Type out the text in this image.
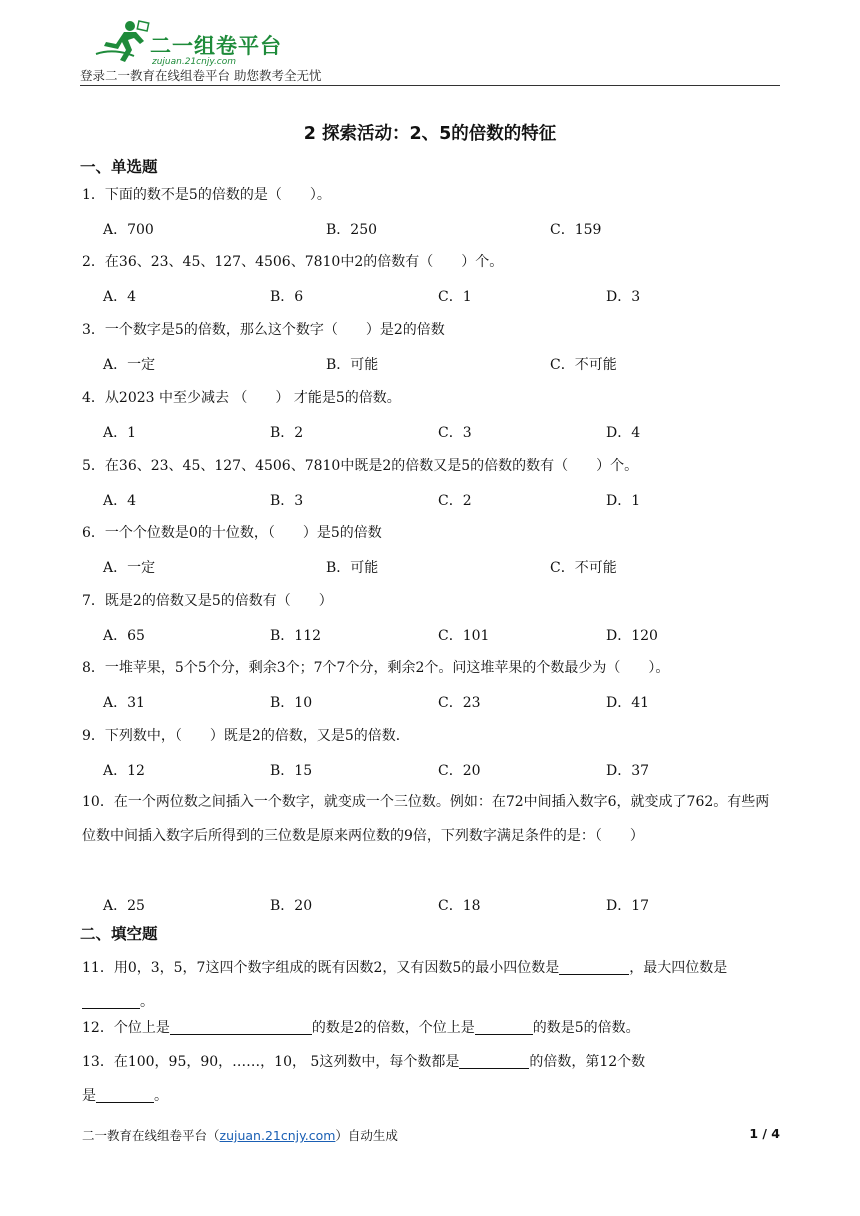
二一组卷平台
zujuan.21cnjy.com
登录二一教育在线组卷平台 助您教考全无忧
2 探索活动：2、5的倍数的特征
一、单选题
1．下面的数不是5的倍数的是（　　）。
A．700	B．250	C．159
2．在36、23、45、127、4506、7810中2的倍数有（　　）个。
A．4	B．6	C．1	D．3
3．一个数字是5的倍数，那么这个数字（　　）是2的倍数
A．一定	B．可能	C．不可能
4．从2023 中至少减去 （　　） 才能是5的倍数。
A．1	B．2	C．3	D．4
5．在36、23、45、127、4506、7810中既是2的倍数又是5的倍数的数有（　　）个。
A．4	B．3	C．2	D．1
6．一个个位数是0的十位数，（　　）是5的倍数
A．一定	B．可能	C．不可能
7．既是2的倍数又是5的倍数有（　　）
A．65	B．112	C．101	D．120
8．一堆苹果，5个5个分，剩余3个；7个7个分，剩余2个。问这堆苹果的个数最少为（　　）。
A．31	B．10	C．23	D．41
9．下列数中，（　　）既是2的倍数，又是5的倍数．
A．12	B．15	C．20	D．37
10．在一个两位数之间插入一个数字，就变成一个三位数。例如：在72中间插入数字6，就变成了762。有些两位数中间插入数字后所得到的三位数是原来两位数的9倍，下列数字满足条件的是：（　　）
A．25	B．20	C．18	D．17
二、填空题
11．用0，3，5，7这四个数字组成的既有因数2，又有因数5的最小四位数是	，最大四位数是。
12．个位上是	的数是2的倍数，个位上是	的数是5的倍数。
13．在100，95，90，……，10， 5这列数中，每个数都是	的倍数，第12个数
是	。
二一教育在线组卷平台（zujuan.21cnjy.com）自动生成	1 / 4
